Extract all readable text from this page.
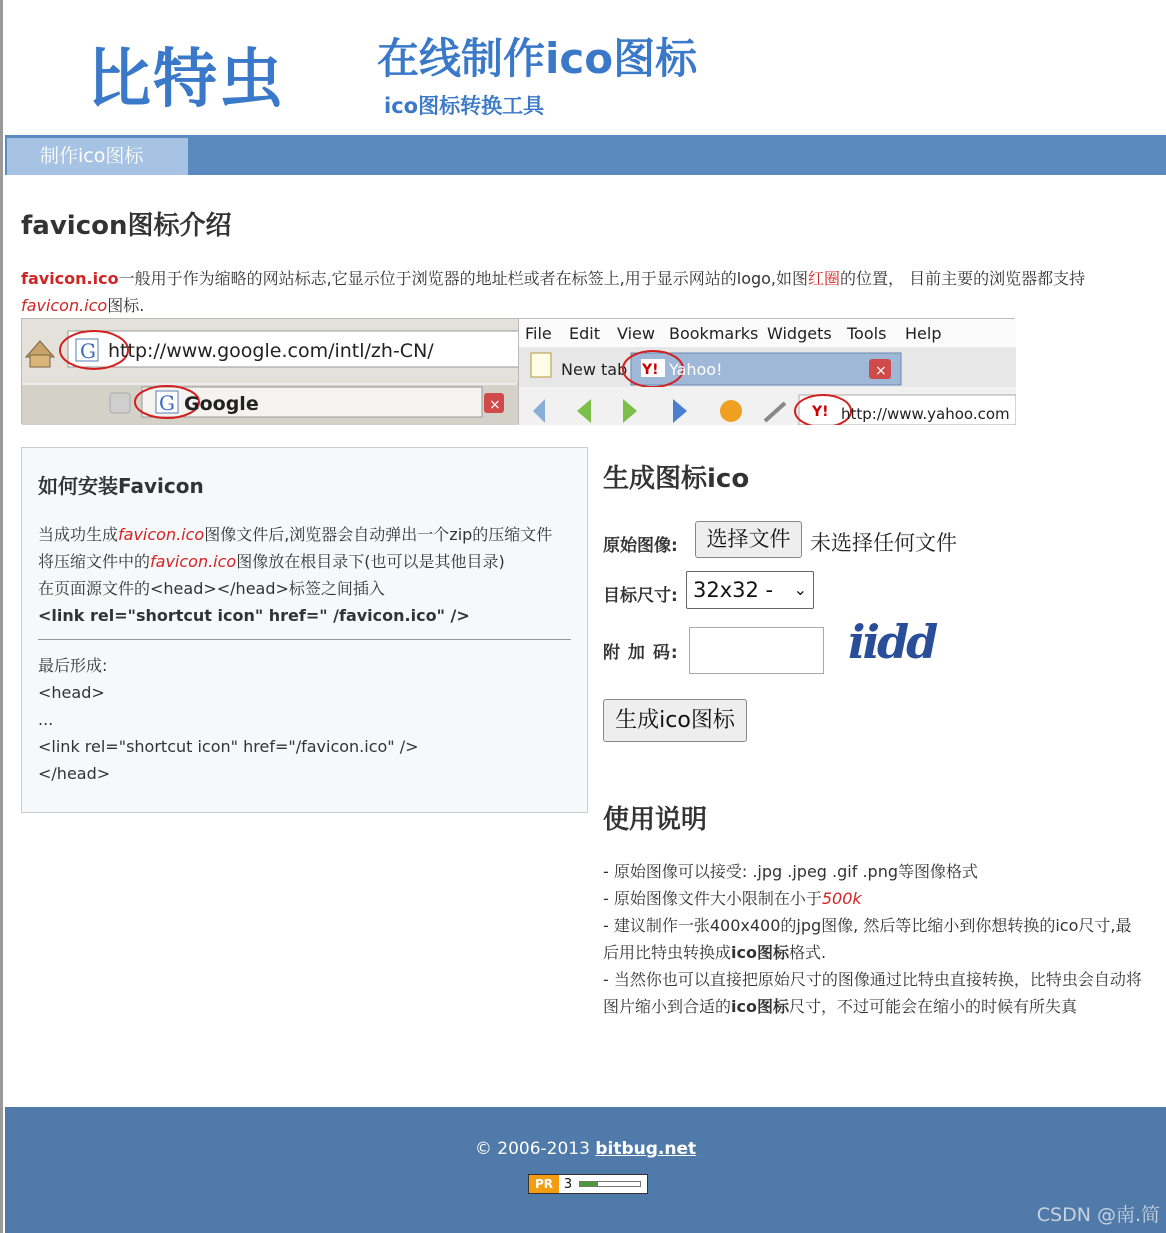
比特虫 在线制作ico图标
ico图标转换工具
制作ico图标
favicon图标介绍

favicon.ico一般用于作为缩略的网站标志,它显示位于浏览器的地址栏或者在标签上,用于显示网站的logo,如图红圈的位置， 目前主要的浏览器都支持favicon.ico图标.

G http://www.google.com/intl/zh-CN/
G Google	×
File Edit View Bookmarks Widgets Tools Help
New tab Y! Yahoo!	×
Y! http://www.yahoo.com
如何安装Favicon

当成功生成favicon.ico图像文件后,浏览器会自动弹出一个zip的压缩文件

将压缩文件中的favicon.ico图像放在根目录下(也可以是其他目录)

在页面源文件的<head></head>标签之间插入

<link rel="shortcut icon" href=" /favicon.ico" />

最后形成:

<head>

...

<link rel="shortcut icon" href="/favicon.ico" />

</head>

生成图标ico
原始图像:	选择文件 未选择任何文件
目标尺寸: 32x32 - ⌄
附 加 码:	iidd
生成ico图标
使用说明

- 原始图像可以接受: .jpg .jpeg .gif .png等图像格式

- 原始图像文件大小限制在小于500k

- 建议制作一张400x400的jpg图像, 然后等比缩小到你想转换的ico尺寸,最后用比特虫转换成ico图标格式.

- 当然你也可以直接把原始尺寸的图像通过比特虫直接转换，比特虫会自动将图片缩小到合适的ico图标尺寸，不过可能会在缩小的时候有所失真

© 2006-2013 bitbug.net
PR 3
CSDN @南.简
